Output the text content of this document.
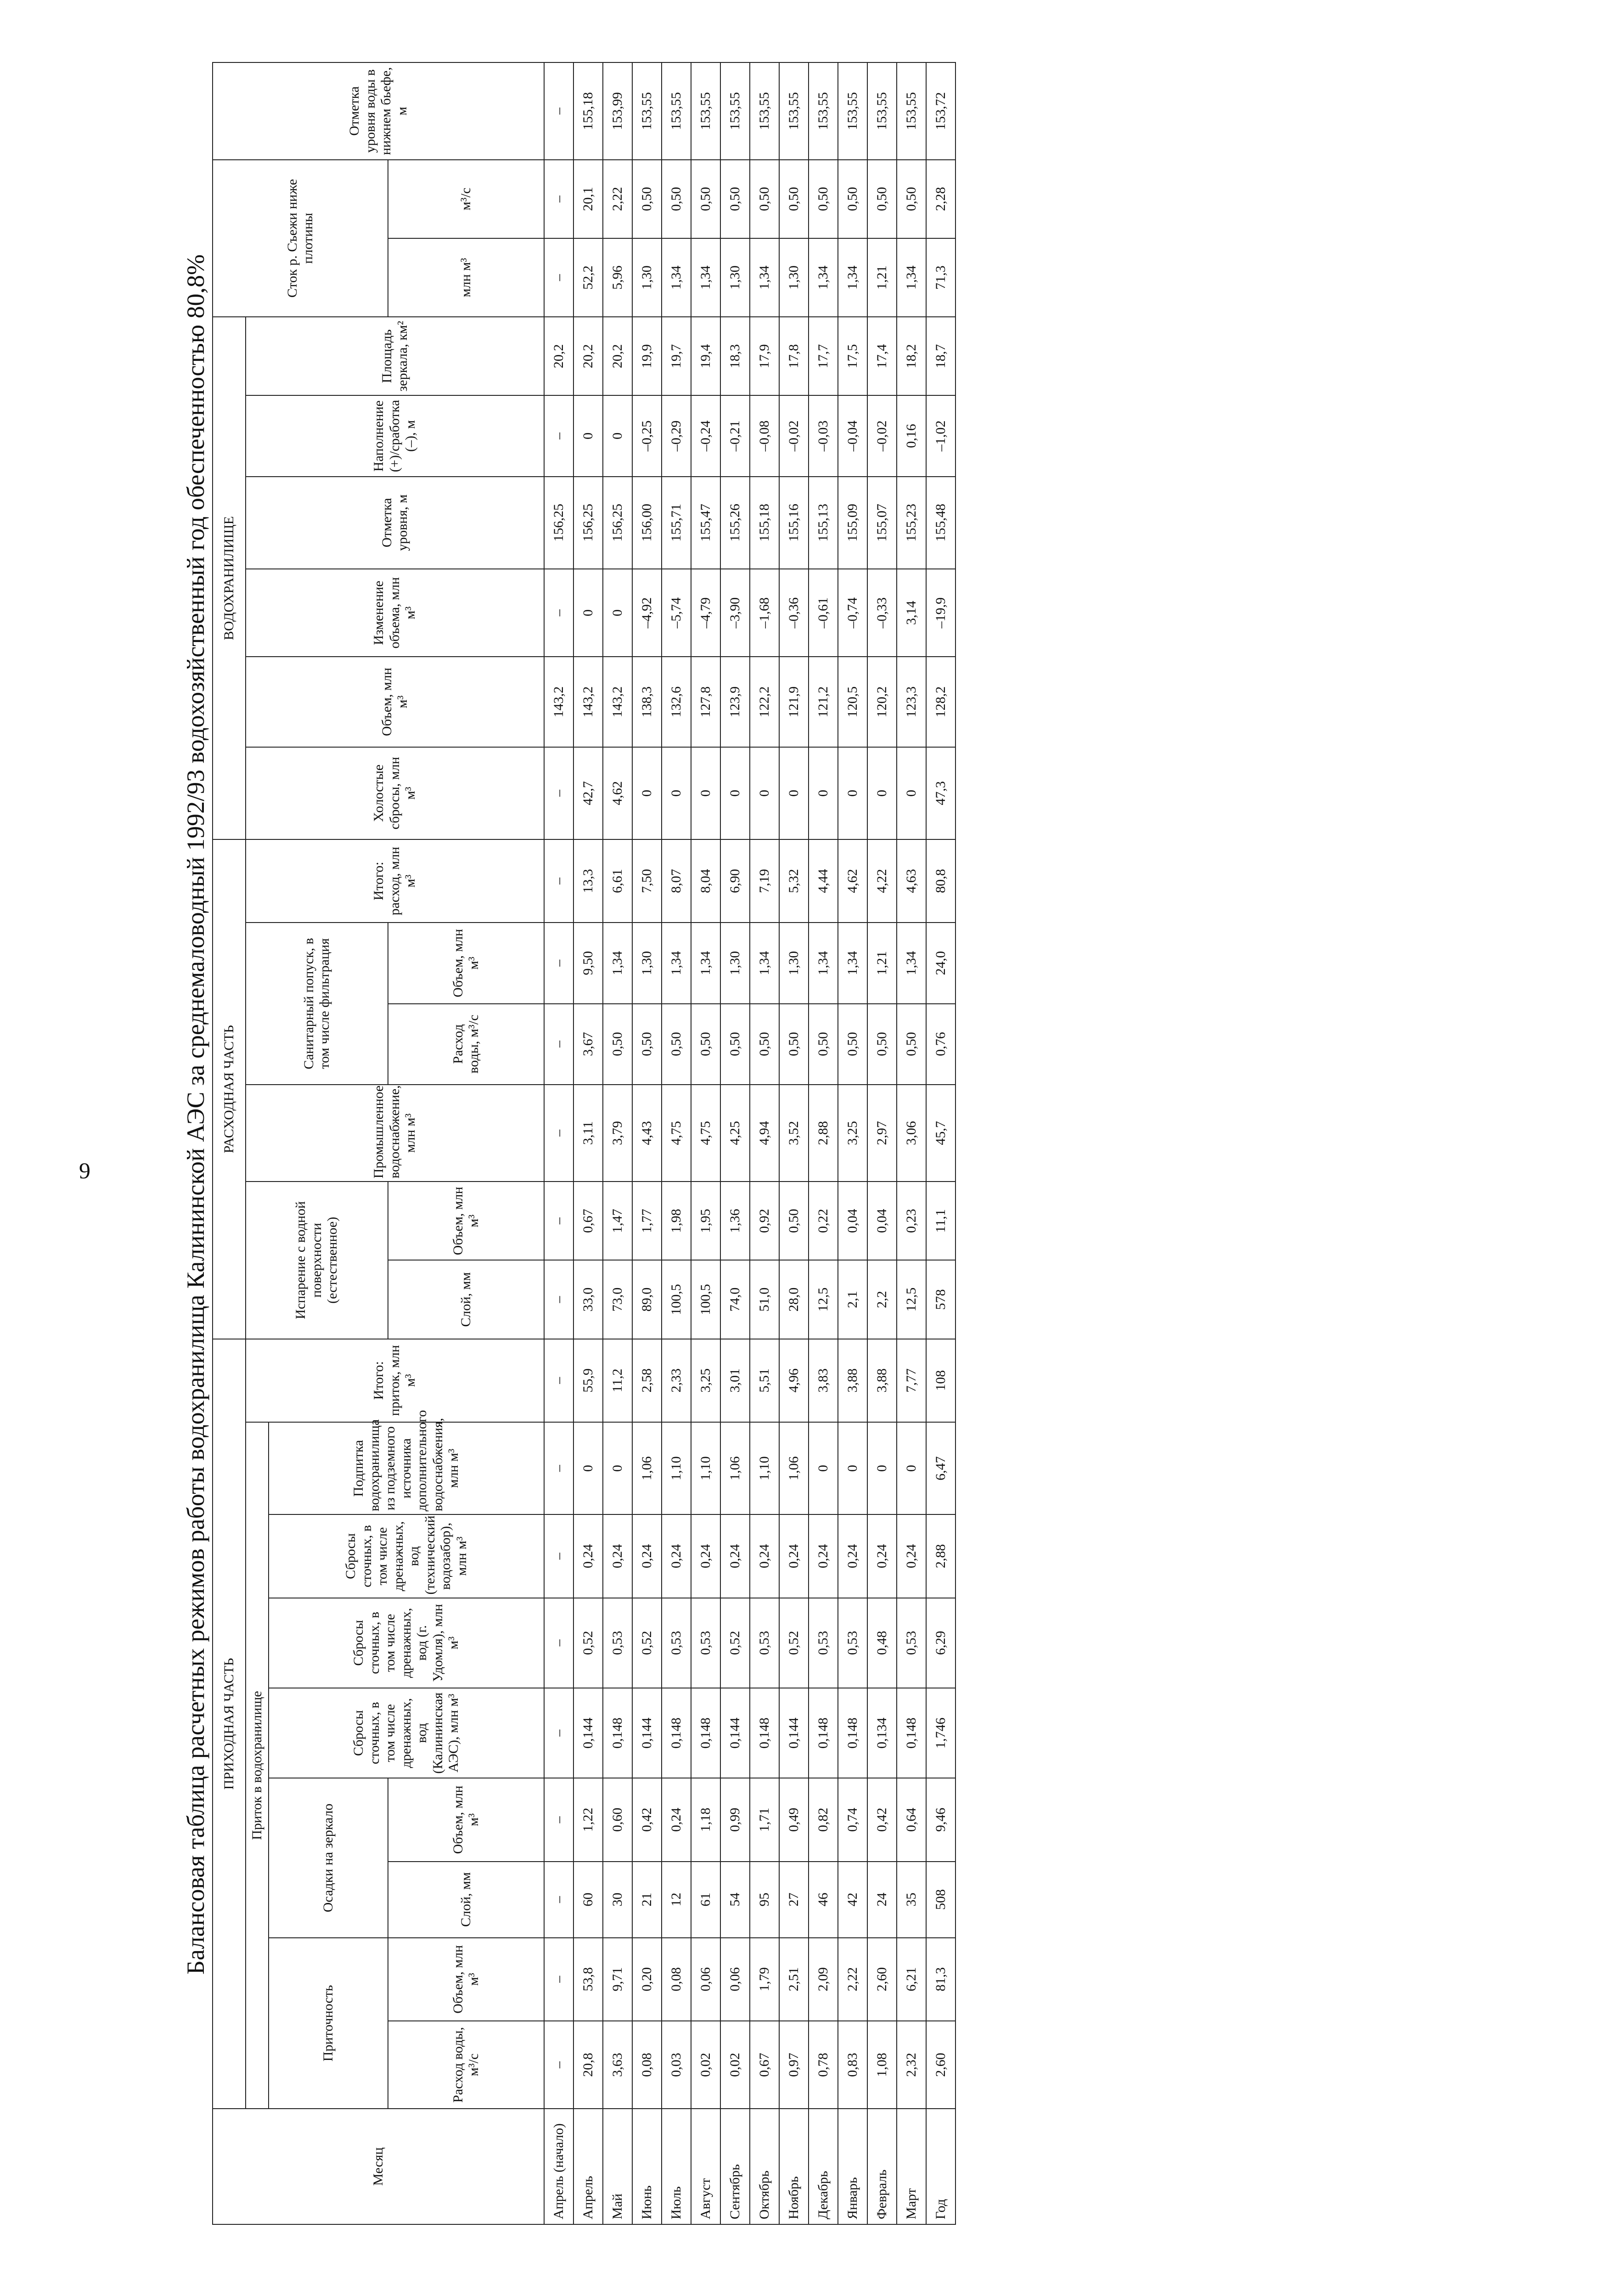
9	Балансовая таблица расчетных режимов работы водохранилища Калининской АЭС за среднемаловодный 1992/93 водохозяйственный год обеспеченностью 80,8%
Месяц	ПРИХОДНАЯ ЧАСТЬ									РАСХОДНАЯ ЧАСТЬ						ВОДОХРАНИЛИЩЕ						Сток р. Съежи ниже плотины		Отметка уровня воды в нижнем бьефе, м
	Приток в водохранилище								Итого: приток, млн м³	Испарение с водной поверхности (естественное)		Промышленное водоснабжение, млн м³	Санитарный попуск, в том числе фильтрация		Итого: расход, млн м³	Холостые сбросы, млн м³	Объем, млн м³	Изменение объема, млн м³	Отметка уровня, м	Наполнение (+)/сработка (–), м	Площадь зеркала, км²			
	Приточность		Осадки на зеркало		Сбросы сточных, в том числе дренажных, вод (Калининская АЭС), млн м³	Сбросы сточных, в том числе дренажных, вод (г. Удомля), млн м³	Сбросы сточных, в том числе дренажных, вод (технический водозабор), млн м³	Подпитка водохранилища из подземного источника дополнительного водоснабжения, млн м³																
	Расход воды, м³/с	Объем, млн м³	Слой, мм	Объем, млн м³						Слой, мм	Объем, млн м³		Расход воды, м³/с	Объем, млн м³								млн м³	м³/с	
Апрель (начало)	–	–	–	–	–	–	–	–	–	–	–	–	–	–	–	–	143,2	–	156,25	–	20,2	–	–	–
Апрель	20,8	53,8	60	1,22	0,144	0,52	0,24	0	55,9	33,0	0,67	3,11	3,67	9,50	13,3	42,7	143,2	0	156,25	0	20,2	52,2	20,1	155,18
Май	3,63	9,71	30	0,60	0,148	0,53	0,24	0	11,2	73,0	1,47	3,79	0,50	1,34	6,61	4,62	143,2	0	156,25	0	20,2	5,96	2,22	153,99
Июнь	0,08	0,20	21	0,42	0,144	0,52	0,24	1,06	2,58	89,0	1,77	4,43	0,50	1,30	7,50	0	138,3	–4,92	156,00	–0,25	19,9	1,30	0,50	153,55
Июль	0,03	0,08	12	0,24	0,148	0,53	0,24	1,10	2,33	100,5	1,98	4,75	0,50	1,34	8,07	0	132,6	–5,74	155,71	–0,29	19,7	1,34	0,50	153,55
Август	0,02	0,06	61	1,18	0,148	0,53	0,24	1,10	3,25	100,5	1,95	4,75	0,50	1,34	8,04	0	127,8	–4,79	155,47	–0,24	19,4	1,34	0,50	153,55
Сентябрь	0,02	0,06	54	0,99	0,144	0,52	0,24	1,06	3,01	74,0	1,36	4,25	0,50	1,30	6,90	0	123,9	–3,90	155,26	–0,21	18,3	1,30	0,50	153,55
Октябрь	0,67	1,79	95	1,71	0,148	0,53	0,24	1,10	5,51	51,0	0,92	4,94	0,50	1,34	7,19	0	122,2	–1,68	155,18	–0,08	17,9	1,34	0,50	153,55
Ноябрь	0,97	2,51	27	0,49	0,144	0,52	0,24	1,06	4,96	28,0	0,50	3,52	0,50	1,30	5,32	0	121,9	–0,36	155,16	–0,02	17,8	1,30	0,50	153,55
Декабрь	0,78	2,09	46	0,82	0,148	0,53	0,24	0	3,83	12,5	0,22	2,88	0,50	1,34	4,44	0	121,2	–0,61	155,13	–0,03	17,7	1,34	0,50	153,55
Январь	0,83	2,22	42	0,74	0,148	0,53	0,24	0	3,88	2,1	0,04	3,25	0,50	1,34	4,62	0	120,5	–0,74	155,09	–0,04	17,5	1,34	0,50	153,55
Февраль	1,08	2,60	24	0,42	0,134	0,48	0,24	0	3,88	2,2	0,04	2,97	0,50	1,21	4,22	0	120,2	–0,33	155,07	–0,02	17,4	1,21	0,50	153,55
Март	2,32	6,21	35	0,64	0,148	0,53	0,24	0	7,77	12,5	0,23	3,06	0,50	1,34	4,63	0	123,3	3,14	155,23	0,16	18,2	1,34	0,50	153,55
Год	2,60	81,3	508	9,46	1,746	6,29	2,88	6,47	108	578	11,1	45,7	0,76	24,0	80,8	47,3	128,2	–19,9	155,48	–1,02	18,7	71,3	2,28	153,72
